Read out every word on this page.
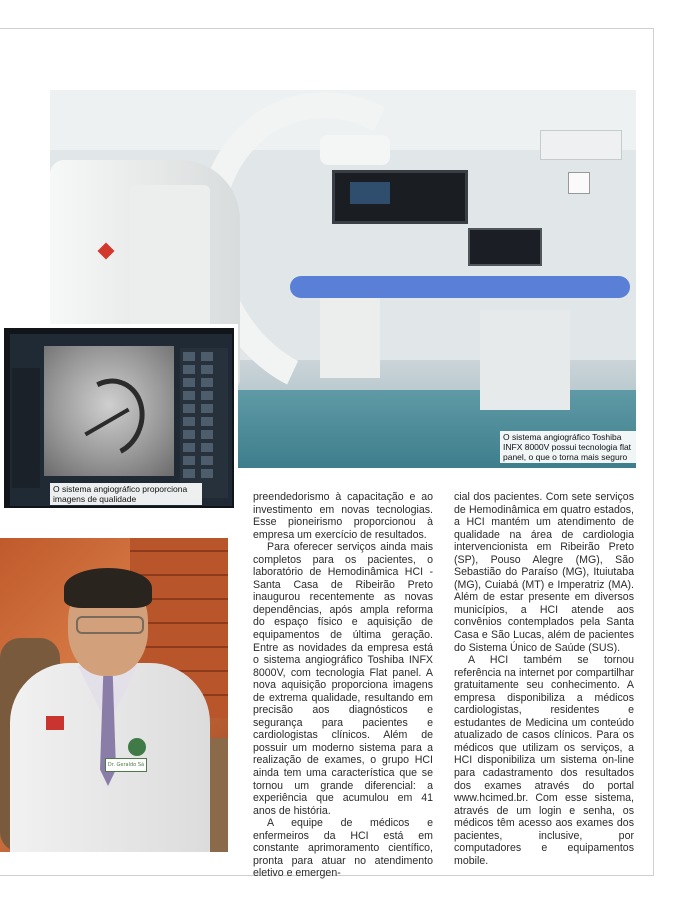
Dr. Geraldo Sá
O sistema angiográfico Toshiba INFX 8000V possui tecnologia flat panel, o que o torna mais seguro
O sistema angiográfico proporciona imagens de qualidade	preendedorismo à capacitação e ao investimento em novas tecnologias. Esse pioneirismo proporcionou à empresa um exercício de resultados.

Para oferecer serviços ainda mais completos para os pacientes, o laboratório de Hemodinâmica HCI - Santa Casa de Ribeirão Preto inaugurou recentemente as novas dependências, após ampla reforma do espaço físico e aquisição de equipamentos de última geração. Entre as novidades da empresa está o sistema angiográfico Toshiba INFX 8000V, com tecnologia Flat panel. A nova aquisição proporciona imagens de extrema qualidade, resultando em precisão aos diagnósticos e segurança para pacientes e cardiologistas clínicos. Além de possuir um moderno sistema para a realização de exames, o grupo HCI ainda tem uma característica que se tornou um grande diferencial: a experiência que acumulou em 41 anos de história.

A equipe de médicos e enfermeiros da HCI está em constante aprimoramento científico, pronta para atuar no atendimento eletivo e emergen-

cial dos pacientes. Com sete serviços de Hemodinâmica em quatro estados, a HCI mantém um atendimento de qualidade na área de cardiologia intervencionista em Ribeirão Preto (SP), Pouso Alegre (MG), São Sebastião do Paraíso (MG), Ituiutaba (MG), Cuiabá (MT) e Imperatriz (MA). Além de estar presente em diversos municípios, a HCI atende aos convênios contemplados pela Santa Casa e São Lucas, além de pacientes do Sistema Único de Saúde (SUS).

A HCI também se tornou referência na internet por compartilhar gratuitamente seu conhecimento. A empresa disponibiliza a médicos cardiologistas, residentes e estudantes de Medicina um conteúdo atualizado de casos clínicos. Para os médicos que utilizam os serviços, a HCI disponibiliza um sistema on-line para cadastramento dos resultados dos exames através do portal www.hcimed.br. Com esse sistema, através de um login e senha, os médicos têm acesso aos exames dos pacientes, inclusive, por computadores e equipamentos mobile.
